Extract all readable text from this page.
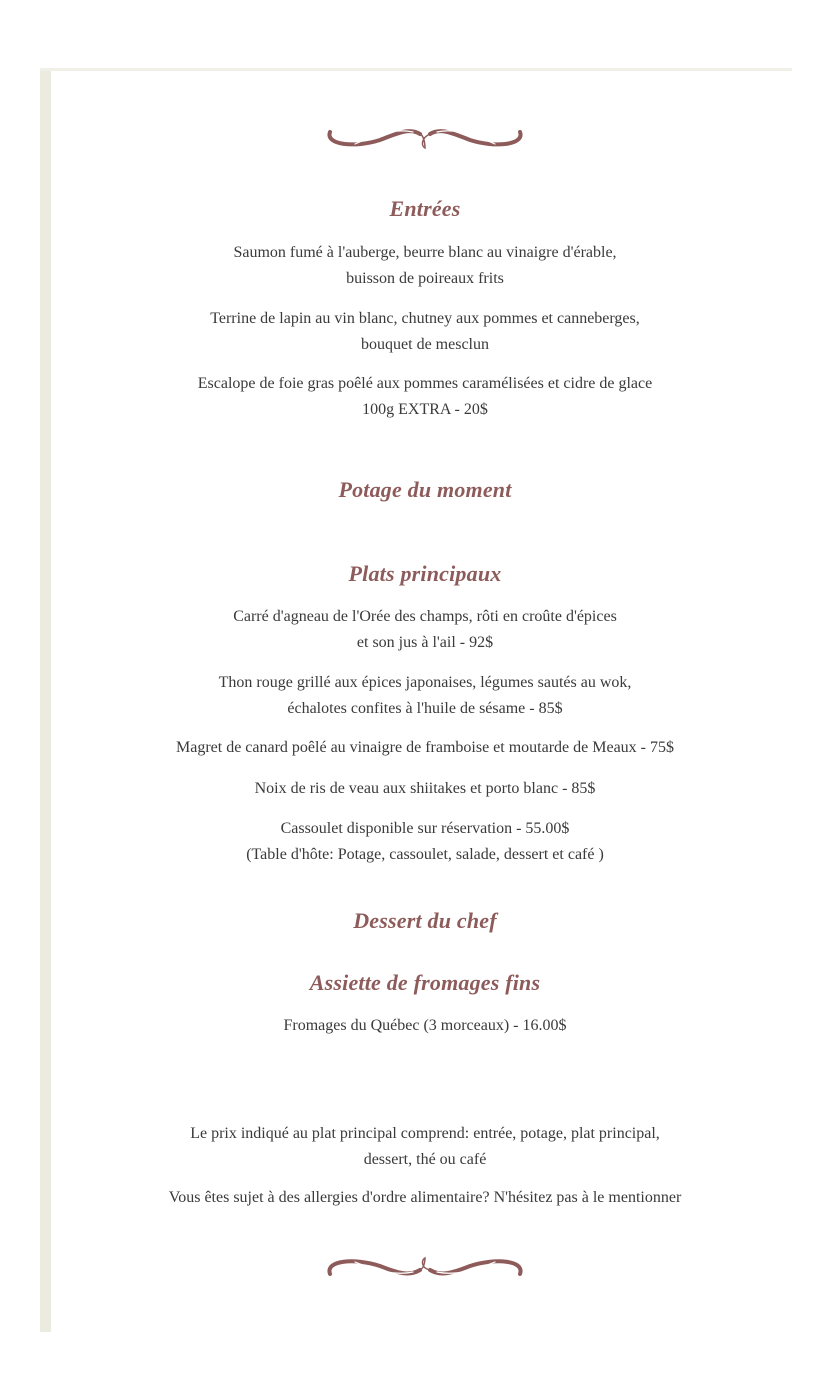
Entrées
Saumon fumé à l'auberge, beurre blanc au vinaigre d'érable,
buisson de poireaux frits
Terrine de lapin au vin blanc, chutney aux pommes et canneberges,
bouquet de mesclun
Escalope de foie gras poêlé aux pommes caramélisées et cidre de glace
100g EXTRA - 20$
Potage du moment
Plats principaux
Carré d'agneau de l'Orée des champs, rôti en croûte d'épices
et son jus à l'ail - 92$
Thon rouge grillé aux épices japonaises, légumes sautés au wok,
échalotes confites à l'huile de sésame - 85$
Magret de canard poêlé au vinaigre de framboise et moutarde de Meaux - 75$
Noix de ris de veau aux shiitakes et porto blanc - 85$
Cassoulet disponible sur réservation - 55.00$
(Table d'hôte: Potage, cassoulet, salade, dessert et café )
Dessert du chef
Assiette de fromages fins
Fromages du Québec (3 morceaux) - 16.00$
Le prix indiqué au plat principal comprend: entrée, potage, plat principal,
dessert, thé ou café
Vous êtes sujet à des allergies d'ordre alimentaire? N'hésitez pas à le mentionner
